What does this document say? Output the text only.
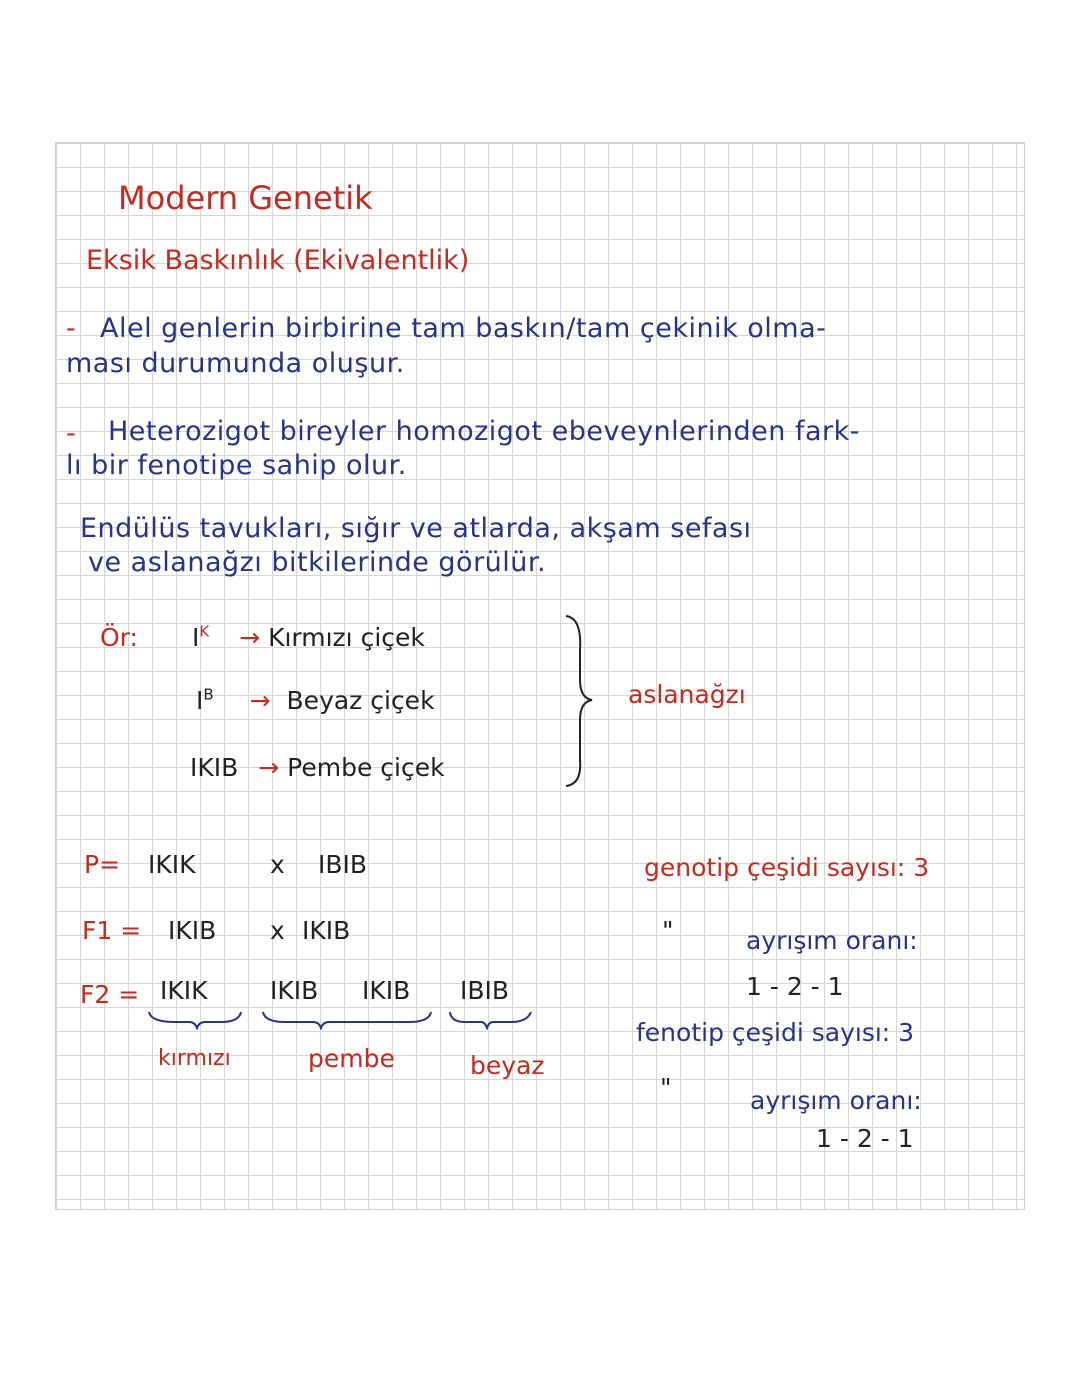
Modern Genetik
Eksik Baskınlık (Ekivalentlik)
- Alel genlerin birbirine tam baskın/tam çekinik olma-
ması durumunda oluşur.
- Heterozigot bireyler homozigot ebeveynlerinden fark-
lı bir fenotipe sahip olur.
Endülüs tavukları, sığır ve atlarda, akşam sefası
ve aslanağzı bitkilerinde görülür.
Ör: $I^K$ → Kırmızı çiçek
$I^B$ → Beyaz çiçek
IKIB → Pembe çiçek
aslanağzı
P= IKIK	x IBIB
F1 = IKIB x IKIB
F2 = IKIK IKIB IKIB IBIB
kırmızı	pembe	beyaz
genotip çeşidi sayısı: 3
"	ayrışım oranı:
1 - 2 - 1
fenotip çeşidi sayısı: 3
"	ayrışım oranı:
1 - 2 - 1
